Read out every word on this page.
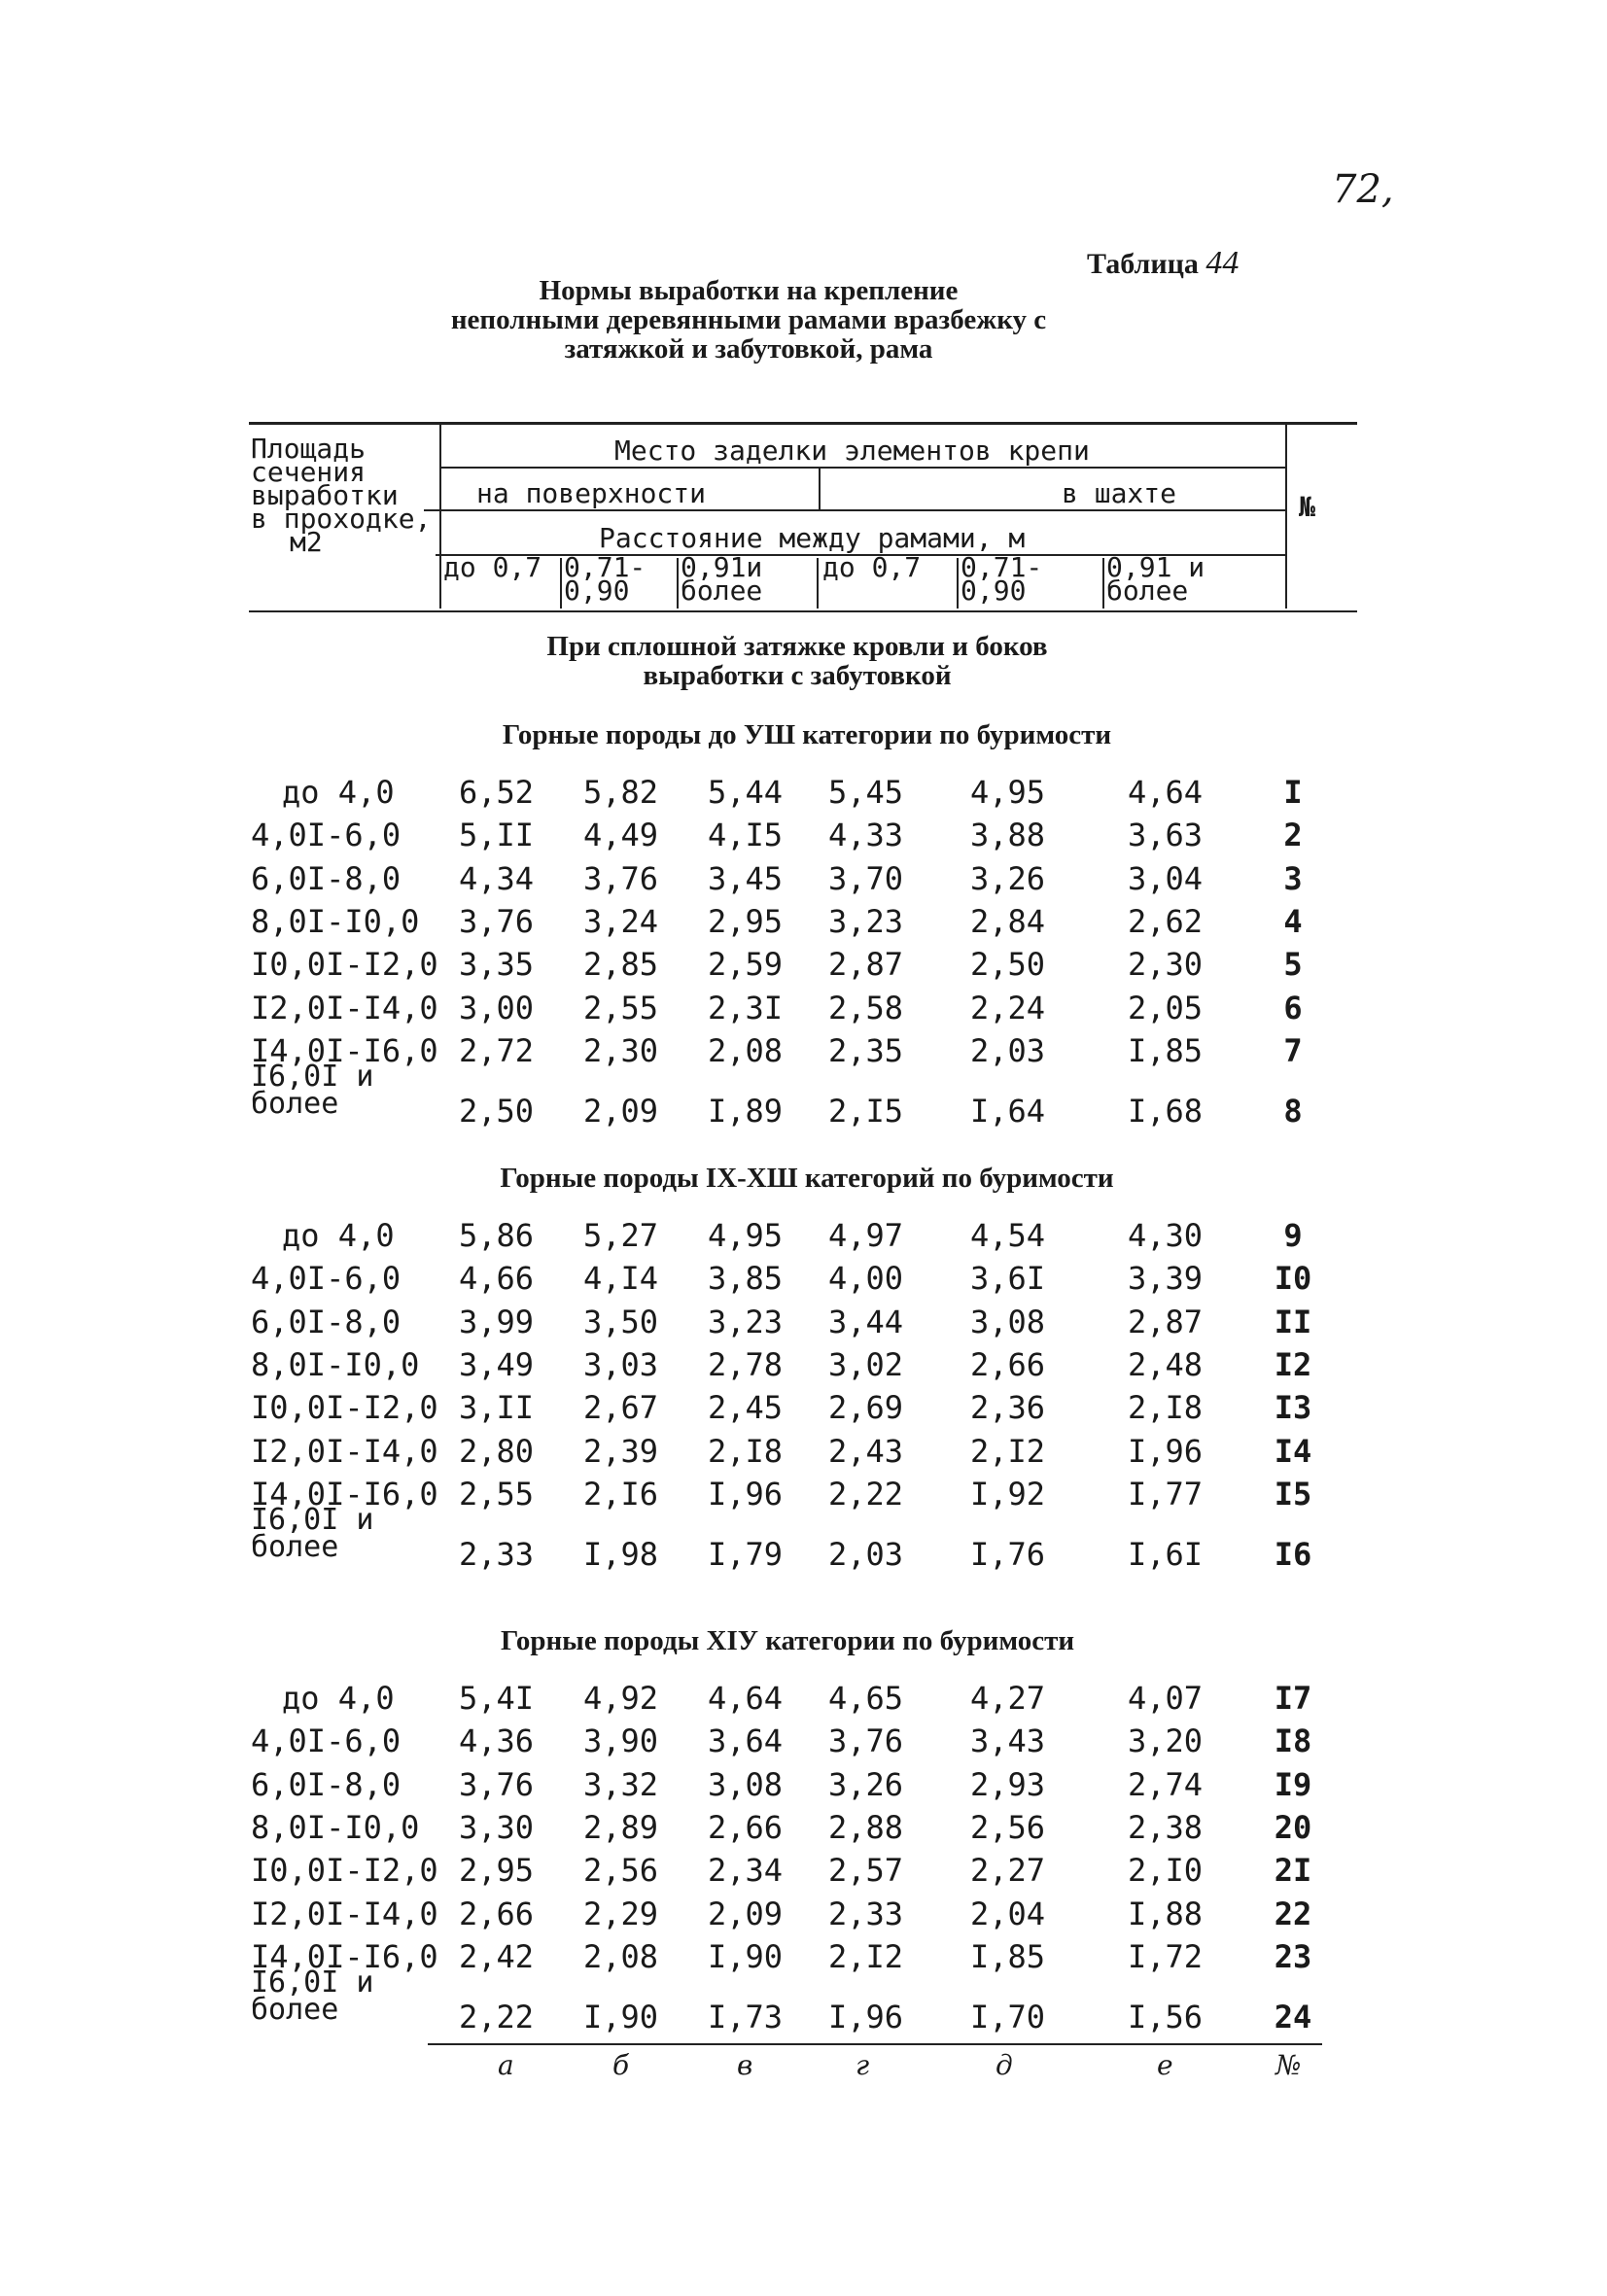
72,
Таблица 44
Нормы выработки на крепление
неполными деревянными рамами вразбежку с
затяжкой и забутовкой, рама
Площадь
сечения
выработки
в проходке,
м2
Место заделки элементов крепи
на поверхности	в шахте
Расстояние между рамами, м
№
до 0,7 0,71-
0,90
0,91и
более
до 0,7 0,71-
0,90
0,91 и
более
При сплошной затяжке кровли и боков
выработки с забутовкой
Горные породы до УШ категории по буримости
Горные породы IX-ХШ категорий по буримости
Горные породы XIУ категории по буримости
до 4,0 6,52 5,82 5,44 5,45 4,95	4,64	I
4,0I-6,0 5,II 4,49 4,I5 4,33 3,88	3,63	2
6,0I-8,0 4,34 3,76 3,45 3,70 3,26	3,04	3
8,0I-I0,0 3,76 3,24 2,95 3,23 2,84	2,62	4
I0,0I-I2,0 3,35 2,85 2,59 2,87 2,50	2,30	5
I2,0I-I4,0 3,00 2,55 2,3I 2,58 2,24	2,05	6
I4,0I-I6,0 2,72 2,30 2,08 2,35 2,03	I,85	7
I6,0I и
более	2,50 2,09 I,89 2,I5 I,64	I,68	8
до 4,0 5,86 5,27 4,95 4,97 4,54	4,30	9
4,0I-6,0 4,66 4,I4 3,85 4,00 3,6I	3,39	I0
6,0I-8,0 3,99 3,50 3,23 3,44 3,08	2,87	II
8,0I-I0,0 3,49 3,03 2,78 3,02 2,66	2,48	I2
I0,0I-I2,0 3,II 2,67 2,45 2,69 2,36	2,I8	I3
I2,0I-I4,0 2,80 2,39 2,I8 2,43 2,I2	I,96	I4
I4,0I-I6,0 2,55 2,I6 I,96 2,22 I,92	I,77	I5
I6,0I и
более	2,33 I,98 I,79 2,03 I,76	I,6I	I6
до 4,0 5,4I 4,92 4,64 4,65 4,27	4,07	I7
4,0I-6,0 4,36 3,90 3,64 3,76 3,43	3,20	I8
6,0I-8,0 3,76 3,32 3,08 3,26 2,93	2,74	I9
8,0I-I0,0 3,30 2,89 2,66 2,88 2,56	2,38	20
I0,0I-I2,0 2,95 2,56 2,34 2,57 2,27	2,I0	2I
I2,0I-I4,0 2,66 2,29 2,09 2,33 2,04	I,88	22
I4,0I-I6,0 2,42 2,08 I,90 2,I2 I,85	I,72	23
I6,0I и
более	2,22 I,90 I,73 I,96 I,70	I,56	24
а	б	в	г	д	е	№
